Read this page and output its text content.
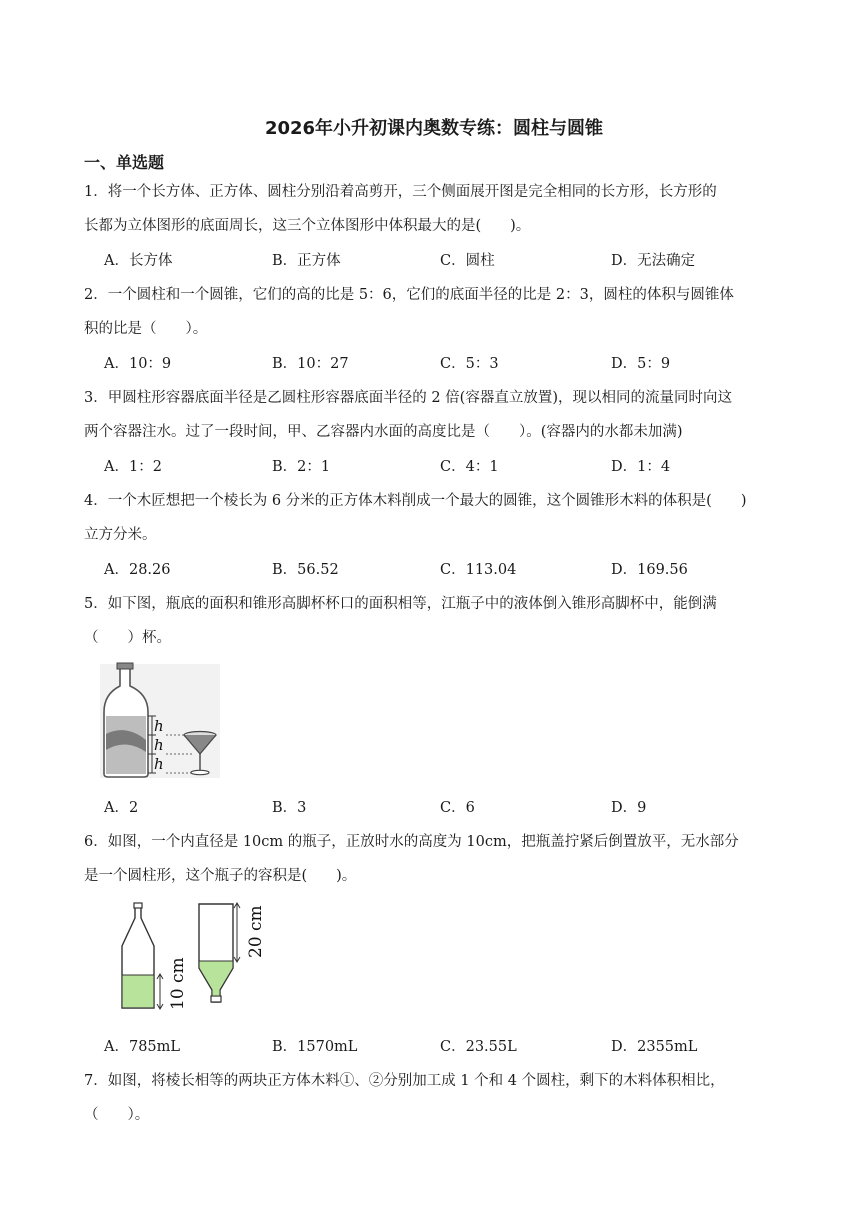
2026年小升初课内奥数专练：圆柱与圆锥
一、单选题
1．将一个长方体、正方体、圆柱分别沿着高剪开，三个侧面展开图是完全相同的长方形，长方形的
长都为立体图形的底面周长，这三个立体图形中体积最大的是(　　)。
A．长方体	B．正方体	C．圆柱	D．无法确定
2．一个圆柱和一个圆锥，它们的高的比是 5：6，它们的底面半径的比是 2：3，圆柱的体积与圆锥体
积的比是（　　）。
A．10：9	B．10：27	C．5：3	D．5：9
3．甲圆柱形容器底面半径是乙圆柱形容器底面半径的 2 倍(容器直立放置)，现以相同的流量同时向这
两个容器注水。过了一段时间，甲、乙容器内水面的高度比是（　　）。(容器内的水都未加满)
A．1：2	B．2：1	C．4：1	D．1：4
4．一个木匠想把一个棱长为 6 分米的正方体木料削成一个最大的圆锥，这个圆锥形木料的体积是(　　)
立方分米。
A．28.26	B．56.52	C．113.04	D．169.56
5．如下图，瓶底的面积和锥形高脚杯杯口的面积相等，江瓶子中的液体倒入锥形高脚杯中，能倒满
（　　）杯。
h
h
h
A．2	B．3	C．6	D．9
6．如图，一个内直径是 10cm 的瓶子，正放时水的高度为 10cm，把瓶盖拧紧后倒置放平，无水部分
是一个圆柱形，这个瓶子的容积是(　　)。
10 cm
20 cm
A．785mL	B．1570mL	C．23.55L	D．2355mL
7．如图，将棱长相等的两块正方体木料①、②分别加工成 1 个和 4 个圆柱，剩下的木料体积相比，
（　　）。
